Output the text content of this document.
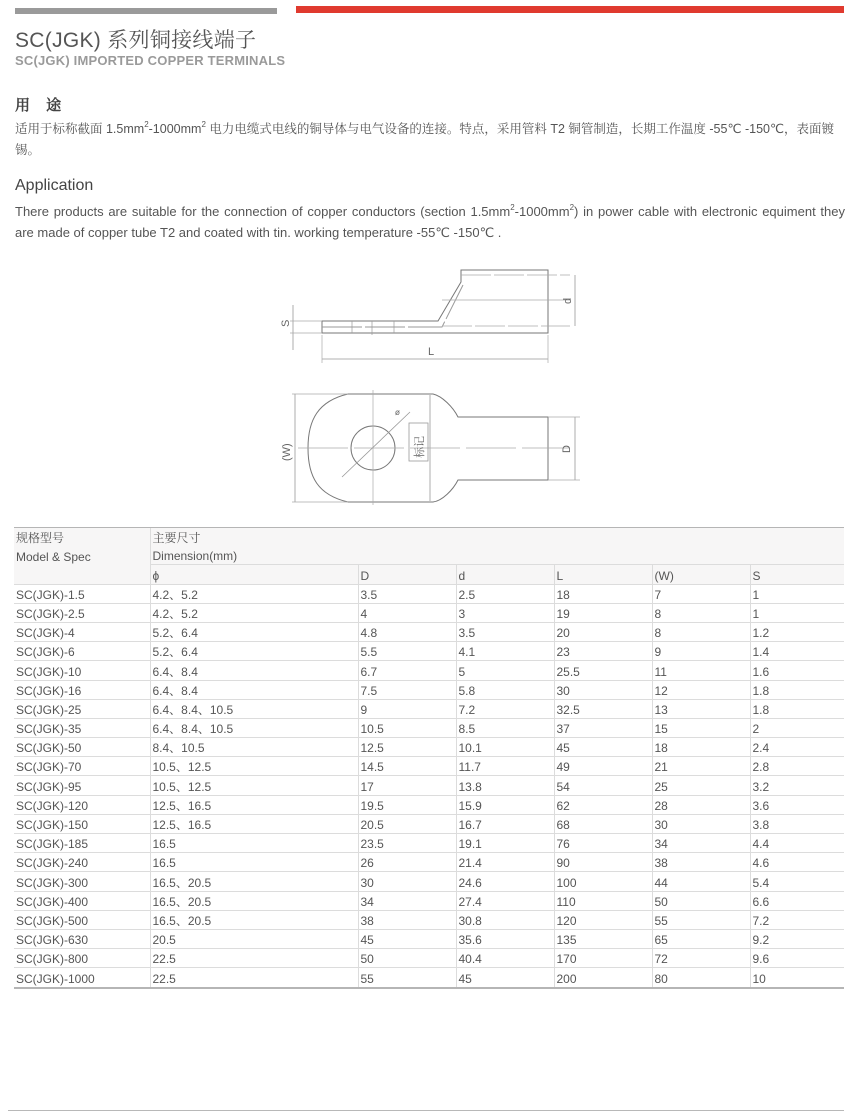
SC(JGK) 系列铜接线端子
SC(JGK) IMPORTED COPPER TERMINALS
用 途
适用于标称截面 $1.5mm^2-1000mm^2$ 电力电缆式电线的铜导体与电气设备的连接。特点，采用管料 T2 铜管制造，长期工作温度 -55℃ -150℃，表面镀锡。
Application
There products are suitable for the connection of copper conductors (section $1.5mm^2-1000mm^2$) in power cable with electronic equiment they are made of copper tube T2 and coated with tin. working temperature -55℃ -150℃ .
S
d
L
(W)	D
ø
标记
规格型号	主要尺寸					
Model & Spec	Dimension(mm)					
	ϕ	D	d	L	(W)	S
SC(JGK)-1.5	4.2、5.2	3.5	2.5	18	7	1
SC(JGK)-2.5	4.2、5.2	4	3	19	8	1
SC(JGK)-4	5.2、6.4	4.8	3.5	20	8	1.2
SC(JGK)-6	5.2、6.4	5.5	4.1	23	9	1.4
SC(JGK)-10	6.4、8.4	6.7	5	25.5	11	1.6
SC(JGK)-16	6.4、8.4	7.5	5.8	30	12	1.8
SC(JGK)-25	6.4、8.4、10.5	9	7.2	32.5	13	1.8
SC(JGK)-35	6.4、8.4、10.5	10.5	8.5	37	15	2
SC(JGK)-50	8.4、10.5	12.5	10.1	45	18	2.4
SC(JGK)-70	10.5、12.5	14.5	11.7	49	21	2.8
SC(JGK)-95	10.5、12.5	17	13.8	54	25	3.2
SC(JGK)-120	12.5、16.5	19.5	15.9	62	28	3.6
SC(JGK)-150	12.5、16.5	20.5	16.7	68	30	3.8
SC(JGK)-185	16.5	23.5	19.1	76	34	4.4
SC(JGK)-240	16.5	26	21.4	90	38	4.6
SC(JGK)-300	16.5、20.5	30	24.6	100	44	5.4
SC(JGK)-400	16.5、20.5	34	27.4	110	50	6.6
SC(JGK)-500	16.5、20.5	38	30.8	120	55	7.2
SC(JGK)-630	20.5	45	35.6	135	65	9.2
SC(JGK)-800	22.5	50	40.4	170	72	9.6
SC(JGK)-1000	22.5	55	45	200	80	10
